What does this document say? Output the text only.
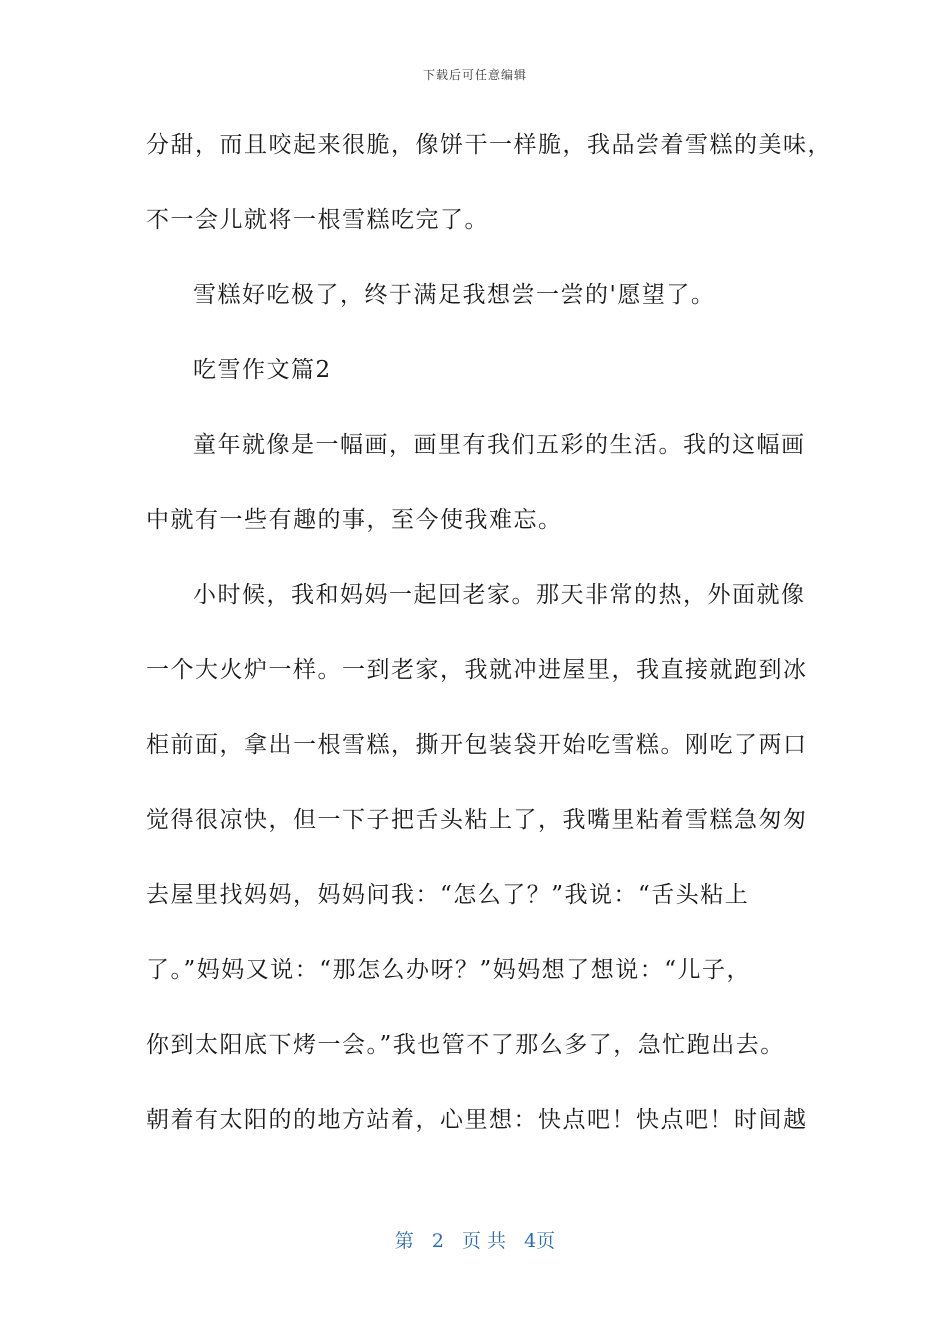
下载后可任意编辑
分甜，而且咬起来很脆，像饼干一样脆，我品尝着雪糕的美味，
不一会儿就将一根雪糕吃完了。
雪糕好吃极了，终于满足我想尝一尝的'愿望了。
吃雪作文篇2
童年就像是一幅画，画里有我们五彩的生活。我的这幅画
中就有一些有趣的事，至今使我难忘。
小时候，我和妈妈一起回老家。那天非常的热，外面就像
一个大火炉一样。一到老家，我就冲进屋里，我直接就跑到冰
柜前面，拿出一根雪糕，撕开包装袋开始吃雪糕。刚吃了两口
觉得很凉快，但一下子把舌头粘上了，我嘴里粘着雪糕急匆匆
去屋里找妈妈，妈妈问我：“怎么了？”我说：“舌头粘上
了。”妈妈又说：“那怎么办呀？”妈妈想了想说：“儿子，
你到太阳底下烤一会。”我也管不了那么多了，急忙跑出去。
朝着有太阳的的地方站着，心里想：快点吧！快点吧！时间越
第 2 页 共 4页
